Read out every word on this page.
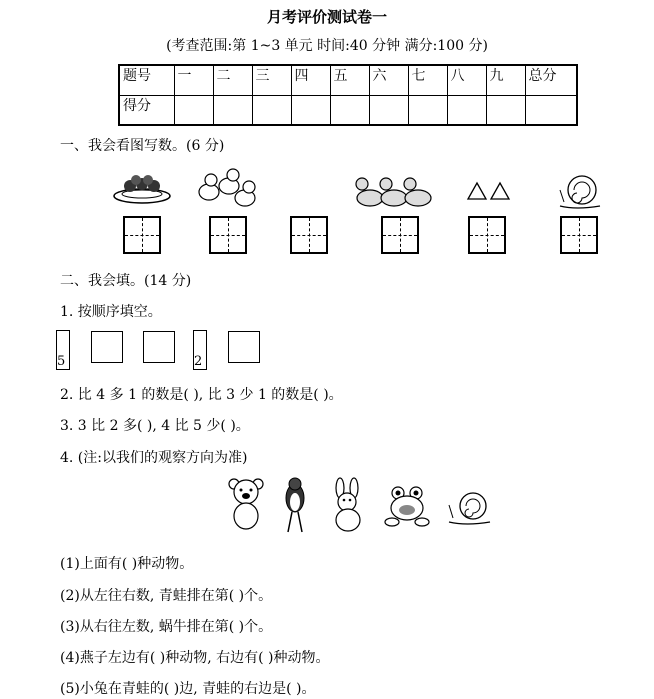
月考评价测试卷一
(考查范围:第 1~3 单元 时间:40 分钟 满分:100 分)
题号	一	二	三	四	五	六	七	八	九	总分
得分										
一、我会看图写数。(6 分)
二、我会填。(14 分)
1. 按顺序填空。
5	2
2. 比 4 多 1 的数是( ), 比 3 少 1 的数是( )。
3. 3 比 2 多( ), 4 比 5 少( )。
4. (注:以我们的观察方向为准)
(1)上面有( )种动物。
(2)从左往右数, 青蛙排在第( )个。
(3)从右往左数, 蜗牛排在第( )个。
(4)燕子左边有( )种动物, 右边有( )种动物。
(5)小兔在青蛙的( )边, 青蛙的右边是( )。
